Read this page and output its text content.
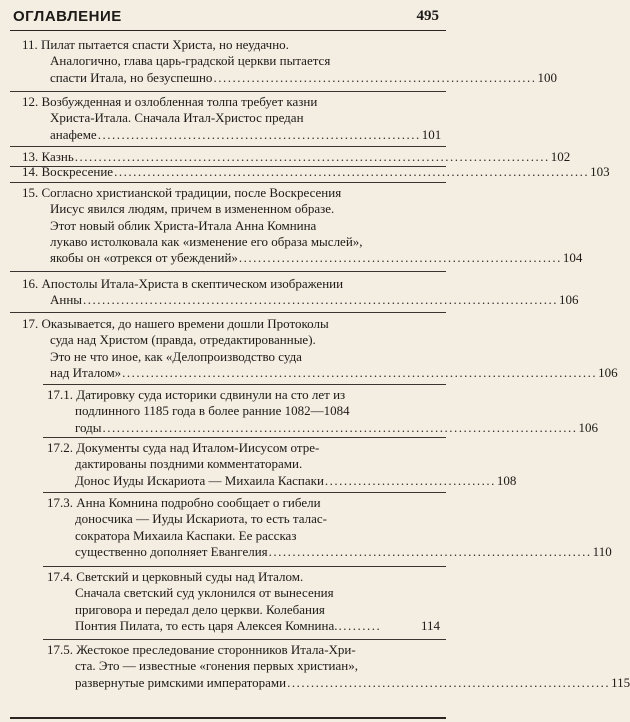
ОГЛАВЛЕНИЕ	495
11. Пилат пытается спасти Христа, но неудачно.
Аналогично, глава царь-градской церкви пытается
спасти Итала, но безуспешно .................................................................... 100
12. Возбужденная и озлобленная толпа требует казни
Христа-Итала. Сначала Итал-Христос предан
анафеме .................................................................... 101
13. Казнь .................................................................................................... 102
14. Воскресение .................................................................................................... 103
15. Согласно христианской традиции, после Воскресения
Иисус явился людям, причем в измененном образе.
Этот новый облик Христа-Итала Анна Комнина
лукаво истолковала как «изменение его образа мыслей»,
якобы он «отрекся от убеждений» .................................................................... 104
16. Апостолы Итала-Христа в скептическом изображении
Анны .................................................................................................... 106
17. Оказывается, до нашего времени дошли Протоколы
суда над Христом (правда, отредактированные).
Это не что иное, как «Делопроизводство суда
над Италом» .................................................................................................... 106
17.1. Датировку суда историки сдвинули на сто лет из
подлинного 1185 года в более ранние 1082—1084
годы .................................................................................................... 106
17.2. Документы суда над Италом-Иисусом отре-
дактированы поздними комментаторами.
Донос Иуды Искариота — Михаила Каспаки .................................... 108
17.3. Анна Комнина подробно сообщает о гибели
доносчика — Иуды Искариота, то есть талас-
сократора Михаила Каспаки. Ее рассказ
существенно дополняет Евангелия .................................................................... 110
17.4. Светский и церковный суды над Италом.
Сначала светский суд уклонился от вынесения
приговора и передал дело церкви. Колебания
Понтия Пилата, то есть царя Алексея Комнина. .........	114
17.5. Жестокое преследование сторонников Итала-Хри-
ста. Это — известные «гонения первых христиан»,
развернутые римскими императорами .................................................................... 115
